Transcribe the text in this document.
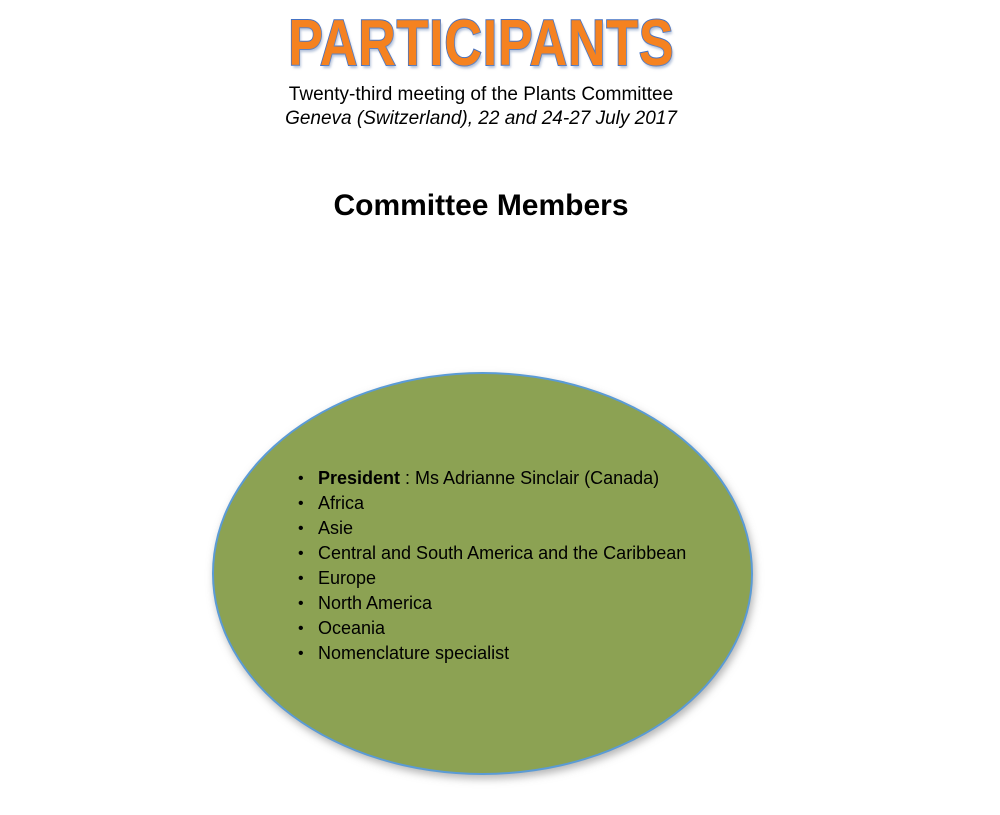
PARTICIPANTS
Twenty-third meeting of the Plants Committee
Geneva (Switzerland), 22 and 24-27 July 2017
Committee Members
• President : Ms Adrianne Sinclair (Canada)
• Africa
• Asie
• Central and South America and the Caribbean
• Europe
• North America
• Oceania
• Nomenclature specialist
